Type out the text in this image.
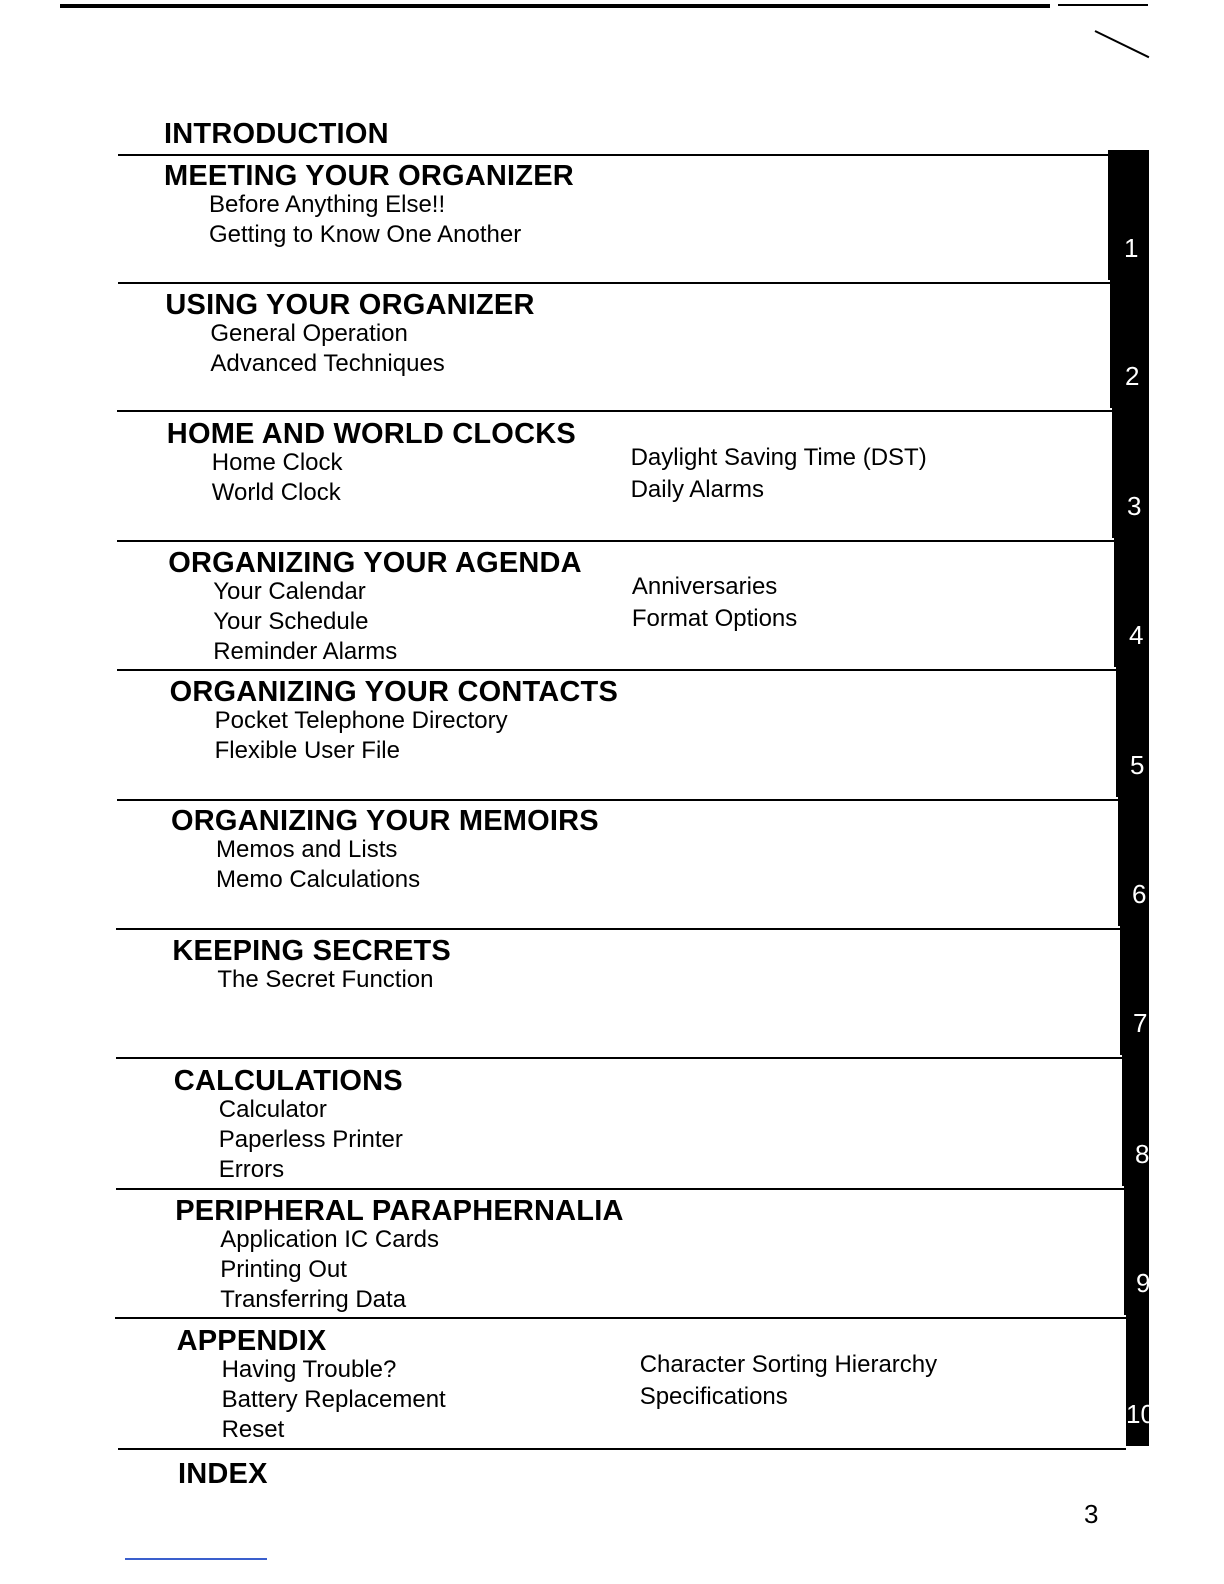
INTRODUCTION
1
MEETING YOUR ORGANIZER
Before Anything Else!!
Getting to Know One Another
2
USING YOUR ORGANIZER
General Operation
Advanced Techniques
3
HOME AND WORLD CLOCKS
Home Clock
World Clock
Daylight Saving Time (DST)
Daily Alarms
4
ORGANIZING YOUR AGENDA
Your Calendar
Your Schedule
Reminder Alarms
Anniversaries
Format Options
5
ORGANIZING YOUR CONTACTS
Pocket Telephone Directory
Flexible User File
6
ORGANIZING YOUR MEMOIRS
Memos and Lists
Memo Calculations
7
KEEPING SECRETS
The Secret Function
8
CALCULATIONS
Calculator
Paperless Printer
Errors
9
PERIPHERAL PARAPHERNALIA
Application IC Cards
Printing Out
Transferring Data
10
APPENDIX
Having Trouble?
Battery Replacement
Reset
Character Sorting Hierarchy
Specifications
INDEX
3
